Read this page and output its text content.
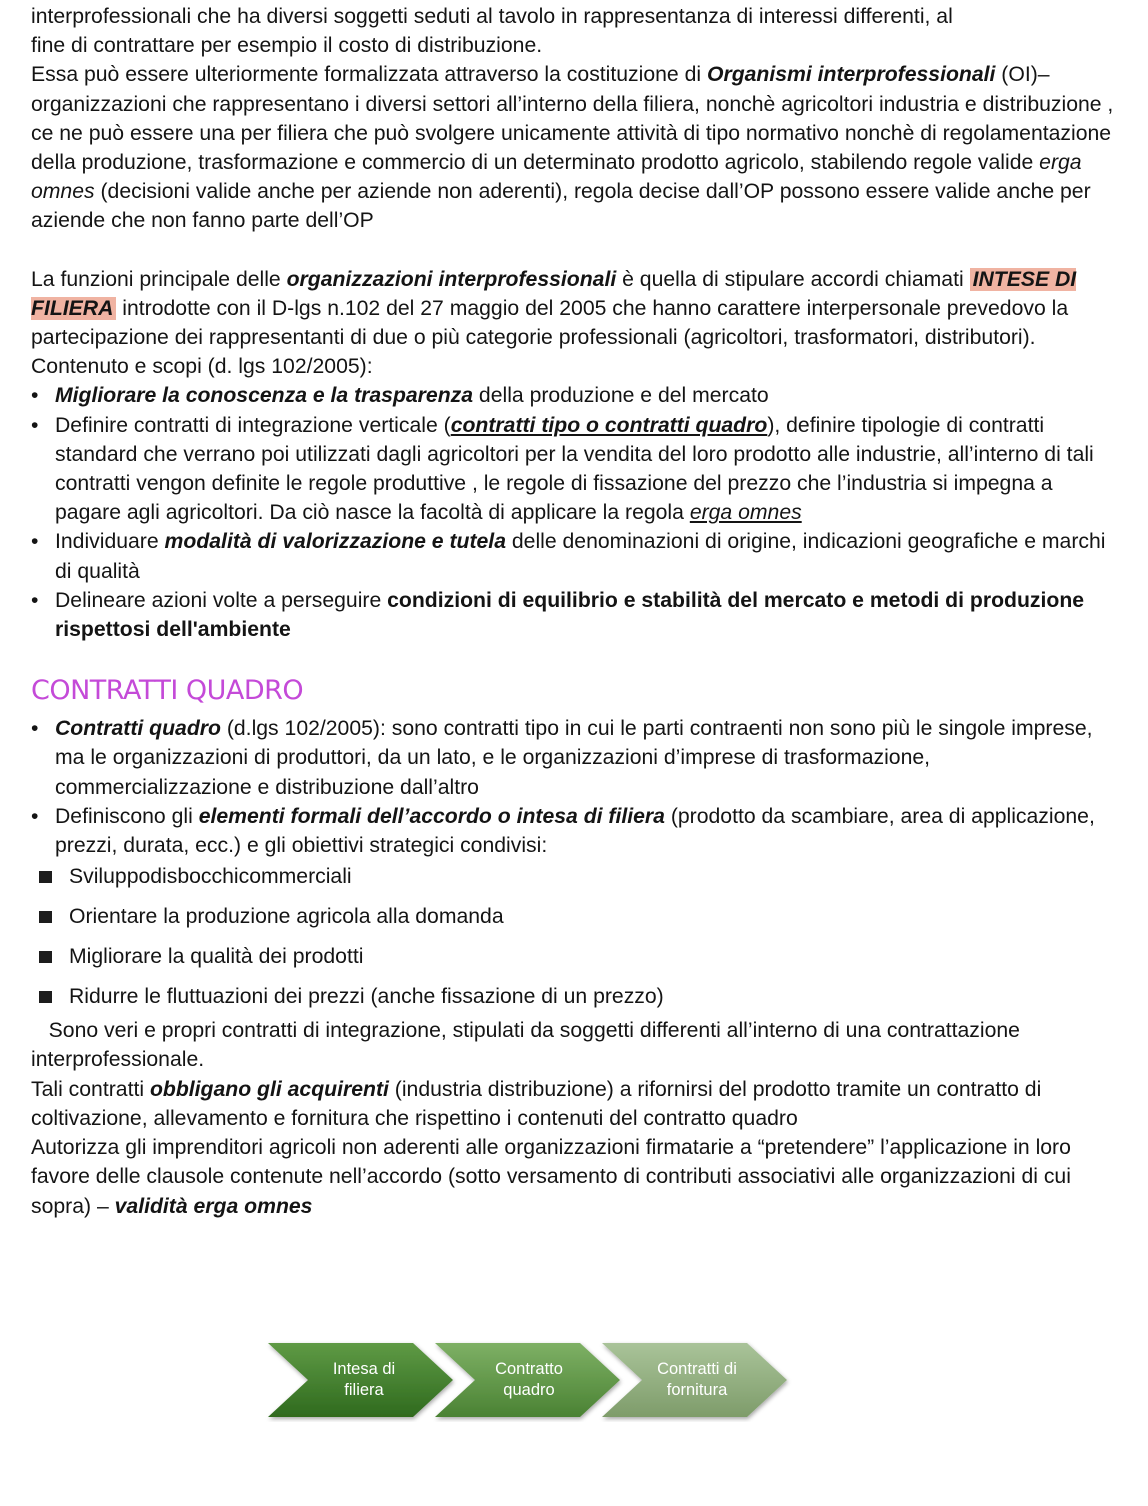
interprofessionali che ha diversi soggetti seduti al tavolo in rappresentanza di interessi differenti, al
fine di contrattare per esempio il costo di distribuzione.
Essa può essere ulteriormente formalizzata attraverso la costituzione di Organismi interprofessionali (OI)– organizzazioni che rappresentano i diversi settori all’interno della filiera, nonchè agricoltori industria e distribuzione , ce ne può essere una per filiera che può svolgere unicamente attività di tipo normativo nonchè di regolamentazione della produzione, trasformazione e commercio di un determinato prodotto agricolo, stabilendo regole valide erga omnes (decisioni valide anche per aziende non aderenti), regola decise dall’OP possono essere valide anche per aziende che non fanno parte dell’OP

La funzioni principale delle organizzazioni interprofessionali è quella di stipulare accordi chiamati INTESE DI FILIERA introdotte con il D-lgs n.102 del 27 maggio del 2005 che hanno carattere interpersonale prevedovo la partecipazione dei rappresentanti di due o più categorie professionali (agricoltori, trasformatori, distributori).
Contenuto e scopi (d. lgs 102/2005):

• Migliorare la conoscenza e la trasparenza della produzione e del mercato
• Definire contratti di integrazione verticale (contratti tipo o contratti quadro), definire tipologie di contratti standard che verrano poi utilizzati dagli agricoltori per la vendita del loro prodotto alle industrie, all’interno di tali contratti vengon definite le regole produttive , le regole di fissazione del prezzo che l’industria si impegna a pagare agli agricoltori. Da ciò nasce la facoltà di applicare la regola erga omnes
• Individuare modalità di valorizzazione e tutela delle denominazioni di origine, indicazioni geografiche e marchi di qualità
• Delineare azioni volte a perseguire condizioni di equilibrio e stabilità del mercato e metodi di produzione rispettosi dell'ambiente
CONTRATTI QUADRO
• Contratti quadro (d.lgs 102/2005): sono contratti tipo in cui le parti contraenti non sono più le singole imprese, ma le organizzazioni di produttori, da un lato, e le organizzazioni d’imprese di trasformazione, commercializzazione e distribuzione dall’altro
• Definiscono gli elementi formali dell’accordo o intesa di filiera (prodotto da scambiare, area di applicazione, prezzi, durata, ecc.) e gli obiettivi strategici condivisi:
Sviluppodisbocchicommerciali
Orientare la produzione agricola alla domanda
Migliorare la qualità dei prodotti
Ridurre le fluttuazioni dei prezzi (anche fissazione di un prezzo)

Sono veri e propri contratti di integrazione, stipulati da soggetti differenti all’interno di una contrattazione interprofessionale.
Tali contratti obbligano gli acquirenti (industria distribuzione) a rifornirsi del prodotto tramite un contratto di coltivazione, allevamento e fornitura che rispettino i contenuti del contratto quadro
Autorizza gli imprenditori agricoli non aderenti alle organizzazioni firmatarie a “pretendere” l’applicazione in loro favore delle clausole contenute nell’accordo (sotto versamento di contributi associativi alle organizzazioni di cui sopra) – validità erga omnes

Intesa di
filiera
Contratto
quadro
Contratti di
fornitura
